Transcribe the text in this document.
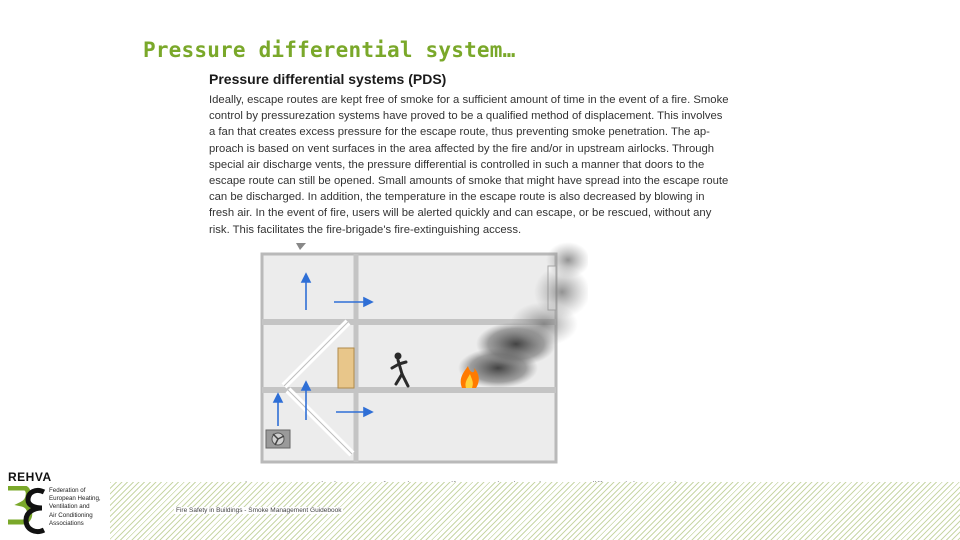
Pressure differential system…
Pressure differential systems (PDS)
Ideally, escape routes are kept free of smoke for a sufficient amount of time in the event of a fire. Smoke
control by pressurezation systems have proved to be a qualified method of displacement. This involves
a fan that creates excess pressure for the escape route, thus preventing smoke penetration. The ap-
proach is based on vent surfaces in the area affected by the fire and/or in upstream airlocks. Through
special air discharge vents, the pressure differential is controlled in such a manner that doors to the
escape route can still be opened. Small amounts of smoke that might have spread into the escape route
can be discharged. In addition, the temperature in the escape route is also decreased by blowing in
fresh air. In the event of fire, users will be alerted quickly and can escape, or be rescued, without any
risk. This facilitates the fire-brigade's fire-extinguishing access.
Fire Safety in Buildings - Smoke Management Guidebook
REHVA
Federation of
European Heating,
Ventilation and
Air Conditioning
Associations
